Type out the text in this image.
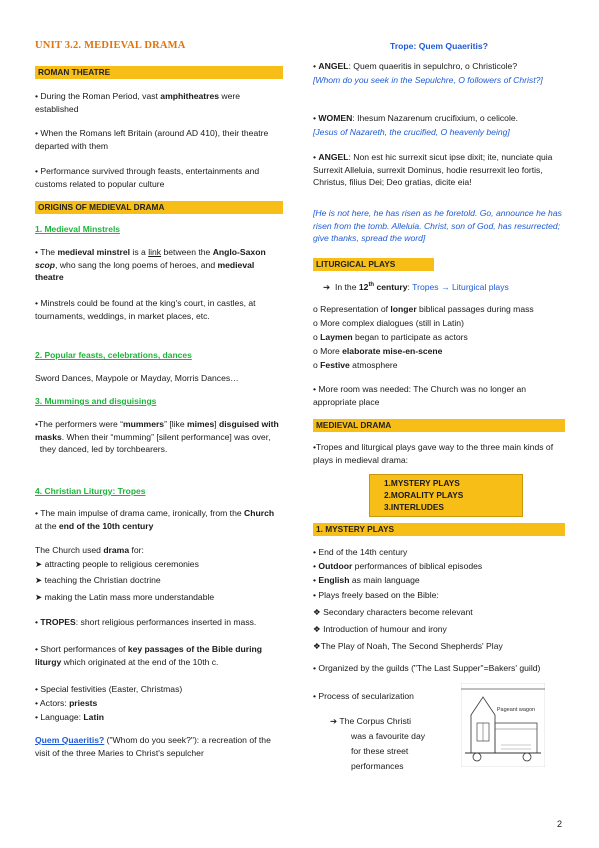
UNIT 3.2. MEDIEVAL DRAMA
ROMAN THEATRE
• During the Roman Period, vast amphitheatres were established
• When the Romans left Britain (around AD 410), their theatre departed with them
• Performance survived through feasts, entertainments and customs related to popular culture
ORIGINS OF MEDIEVAL DRAMA
1. Medieval Minstrels
• The medieval minstrel is a link between the Anglo-Saxon scop, who sang the long poems of heroes, and medieval theatre
• Minstrels could be found at the king's court, in castles, at tournaments, weddings, in market places, etc.
2. Popular feasts, celebrations, dances
Sword Dances, Maypole or Mayday, Morris Dances…
3. Mummings and disguisings
•The performers were “mummers” [like mimes] disguised with masks. When their “mumming” [silent performance] was over,   they danced, led by torchbearers.
4. Christian Liturgy: Tropes
• The main impulse of drama came, ironically, from the Church at the end of the 10th century
The Church used drama for:
➤ attracting people to religious ceremonies
➤ teaching the Christian doctrine
➤ making the Latin mass more understandable
• TROPES: short religious performances inserted in mass.
• Short performances of key passages of the Bible during liturgy which originated at the end of the 10th c.
• Special festivities (Easter, Christmas)
• Actors: priests
• Language: Latin
Quem Quaeritis? ("Whom do you seek?"): a recreation of the visit of the three Maries to Christ's sepulcher
Trope: Quem Quaeritis?
• ANGEL: Quem quaeritis in sepulchro, o Christicole?
[Whom do you seek in the Sepulchre, O followers of Christ?]
• WOMEN: Ihesum Nazarenum crucifixium, o celicole.
[Jesus of Nazareth, the crucified, O heavenly being]
• ANGEL: Non est hic surrexit sicut ipse dixit; ite, nunciate quia Surrexit Alleluia, surrexit Dominus, hodie resurrexit leo fortis, Christus, filius Dei; Deo gratias, dicite eia!
[He is not here, he has risen as he foretold. Go, announce he has risen from the tomb. Alleluia. Christ, son of God, has resurrected; give thanks, spread the word]
LITURGICAL PLAYS
➔  In the 12th century: Tropes → Liturgical plays
o Representation of longer biblical passages during mass
o More complex dialogues (still in Latin)
o Laymen began to participate as actors
o More elaborate mise-en-scene
o Festive atmosphere
• More room was needed: The Church was no longer an appropriate place
MEDIEVAL DRAMA
•Tropes and liturgical plays gave way to the three main kinds of plays in medieval drama:
1.MYSTERY PLAYS
2.MORALITY PLAYS
3.INTERLUDES
1. MYSTERY PLAYS
• End of the 14th century
• Outdoor performances of biblical episodes
• English as main language
• Plays freely based on the Bible:
❖ Secondary characters become relevant
❖ Introduction of humour and irony
❖The Play of Noah, The Second Shepherds' Play
• Organized by the guilds ("The Last Supper"=Bakers' guild)
• Process of secularization
➔ The Corpus Christi
was a favourite day
for these street
performances
Pageant wagon
2
